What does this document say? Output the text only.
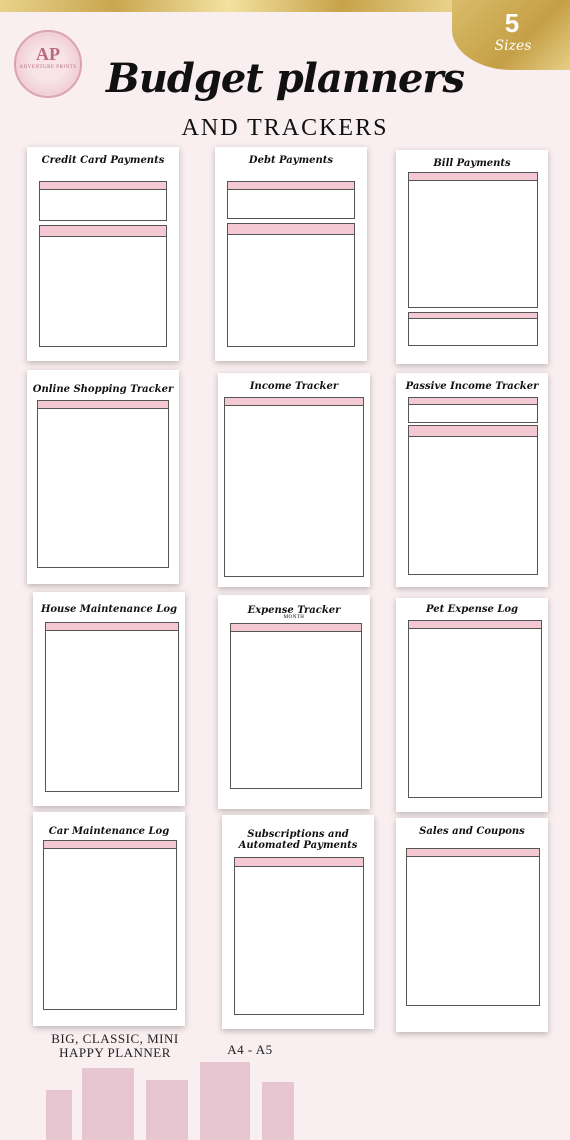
5
Sizes
AP
ADVENTURE PRINTS Budget planners
AND TRACKERS
Credit Card Payments	Debt Payments	Bill Payments
Online Shopping Tracker	Income Tracker	Passive Income Tracker
House Maintenance Log	Expense Tracker
MONTH
Pet Expense Log
Car Maintenance Log	Subscriptions and Automated Payments
Sales and Coupons
BIG, CLASSIC, MINI HAPPY PLANNER	A4 - A5
